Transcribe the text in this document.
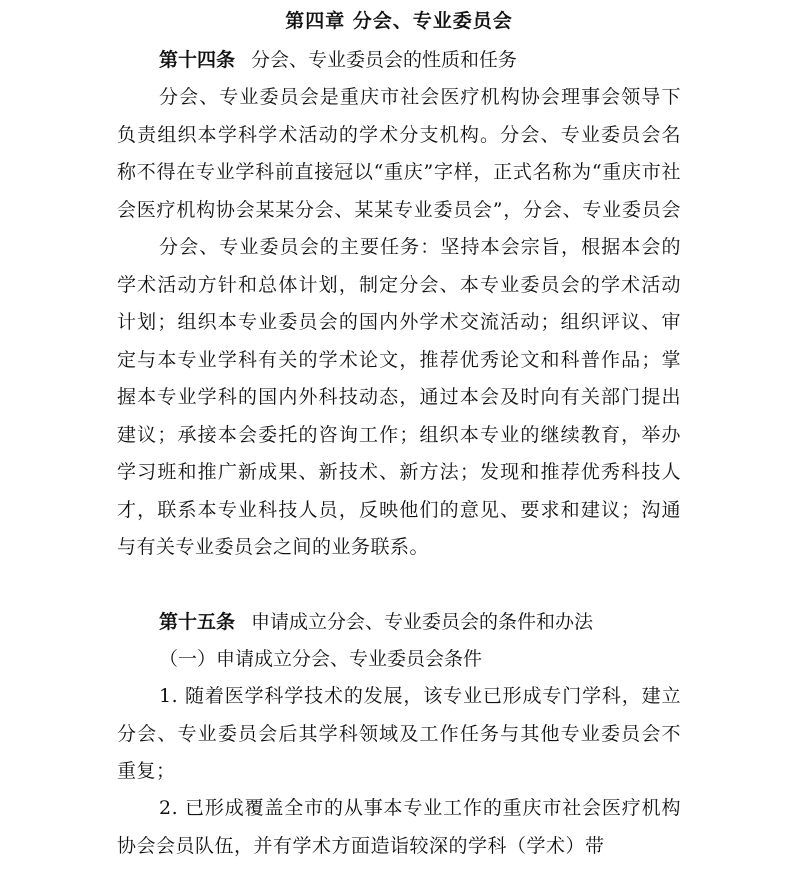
第四章 分会、专业委员会
第十四条 分会、专业委员会的性质和任务

分会、专业委员会是重庆市社会医疗机构协会理事会领导下负责组织本学科学术活动的学术分支机构。分会、专业委员会名称不得在专业学科前直接冠以“重庆”字样，正式名称为“重庆市社会医疗机构协会某某分会、某某专业委员会”，分会、专业委员会

分会、专业委员会的主要任务：坚持本会宗旨，根据本会的学术活动方针和总体计划，制定分会、本专业委员会的学术活动计划；组织本专业委员会的国内外学术交流活动；组织评议、审定与本专业学科有关的学术论文，推荐优秀论文和科普作品；掌握本专业学科的国内外科技动态，通过本会及时向有关部门提出建议；承接本会委托的咨询工作；组织本专业的继续教育，举办学习班和推广新成果、新技术、新方法；发现和推荐优秀科技人才，联系本专业科技人员，反映他们的意见、要求和建议；沟通与有关专业委员会之间的业务联系。

第十五条 申请成立分会、专业委员会的条件和办法

（一）申请成立分会、专业委员会条件

1. 随着医学科学技术的发展，该专业已形成专门学科，建立分会、专业委员会后其学科领域及工作任务与其他专业委员会不重复；

2. 已形成覆盖全市的从事本专业工作的重庆市社会医疗机构协会会员队伍，并有学术方面造诣较深的学科（学术）带
